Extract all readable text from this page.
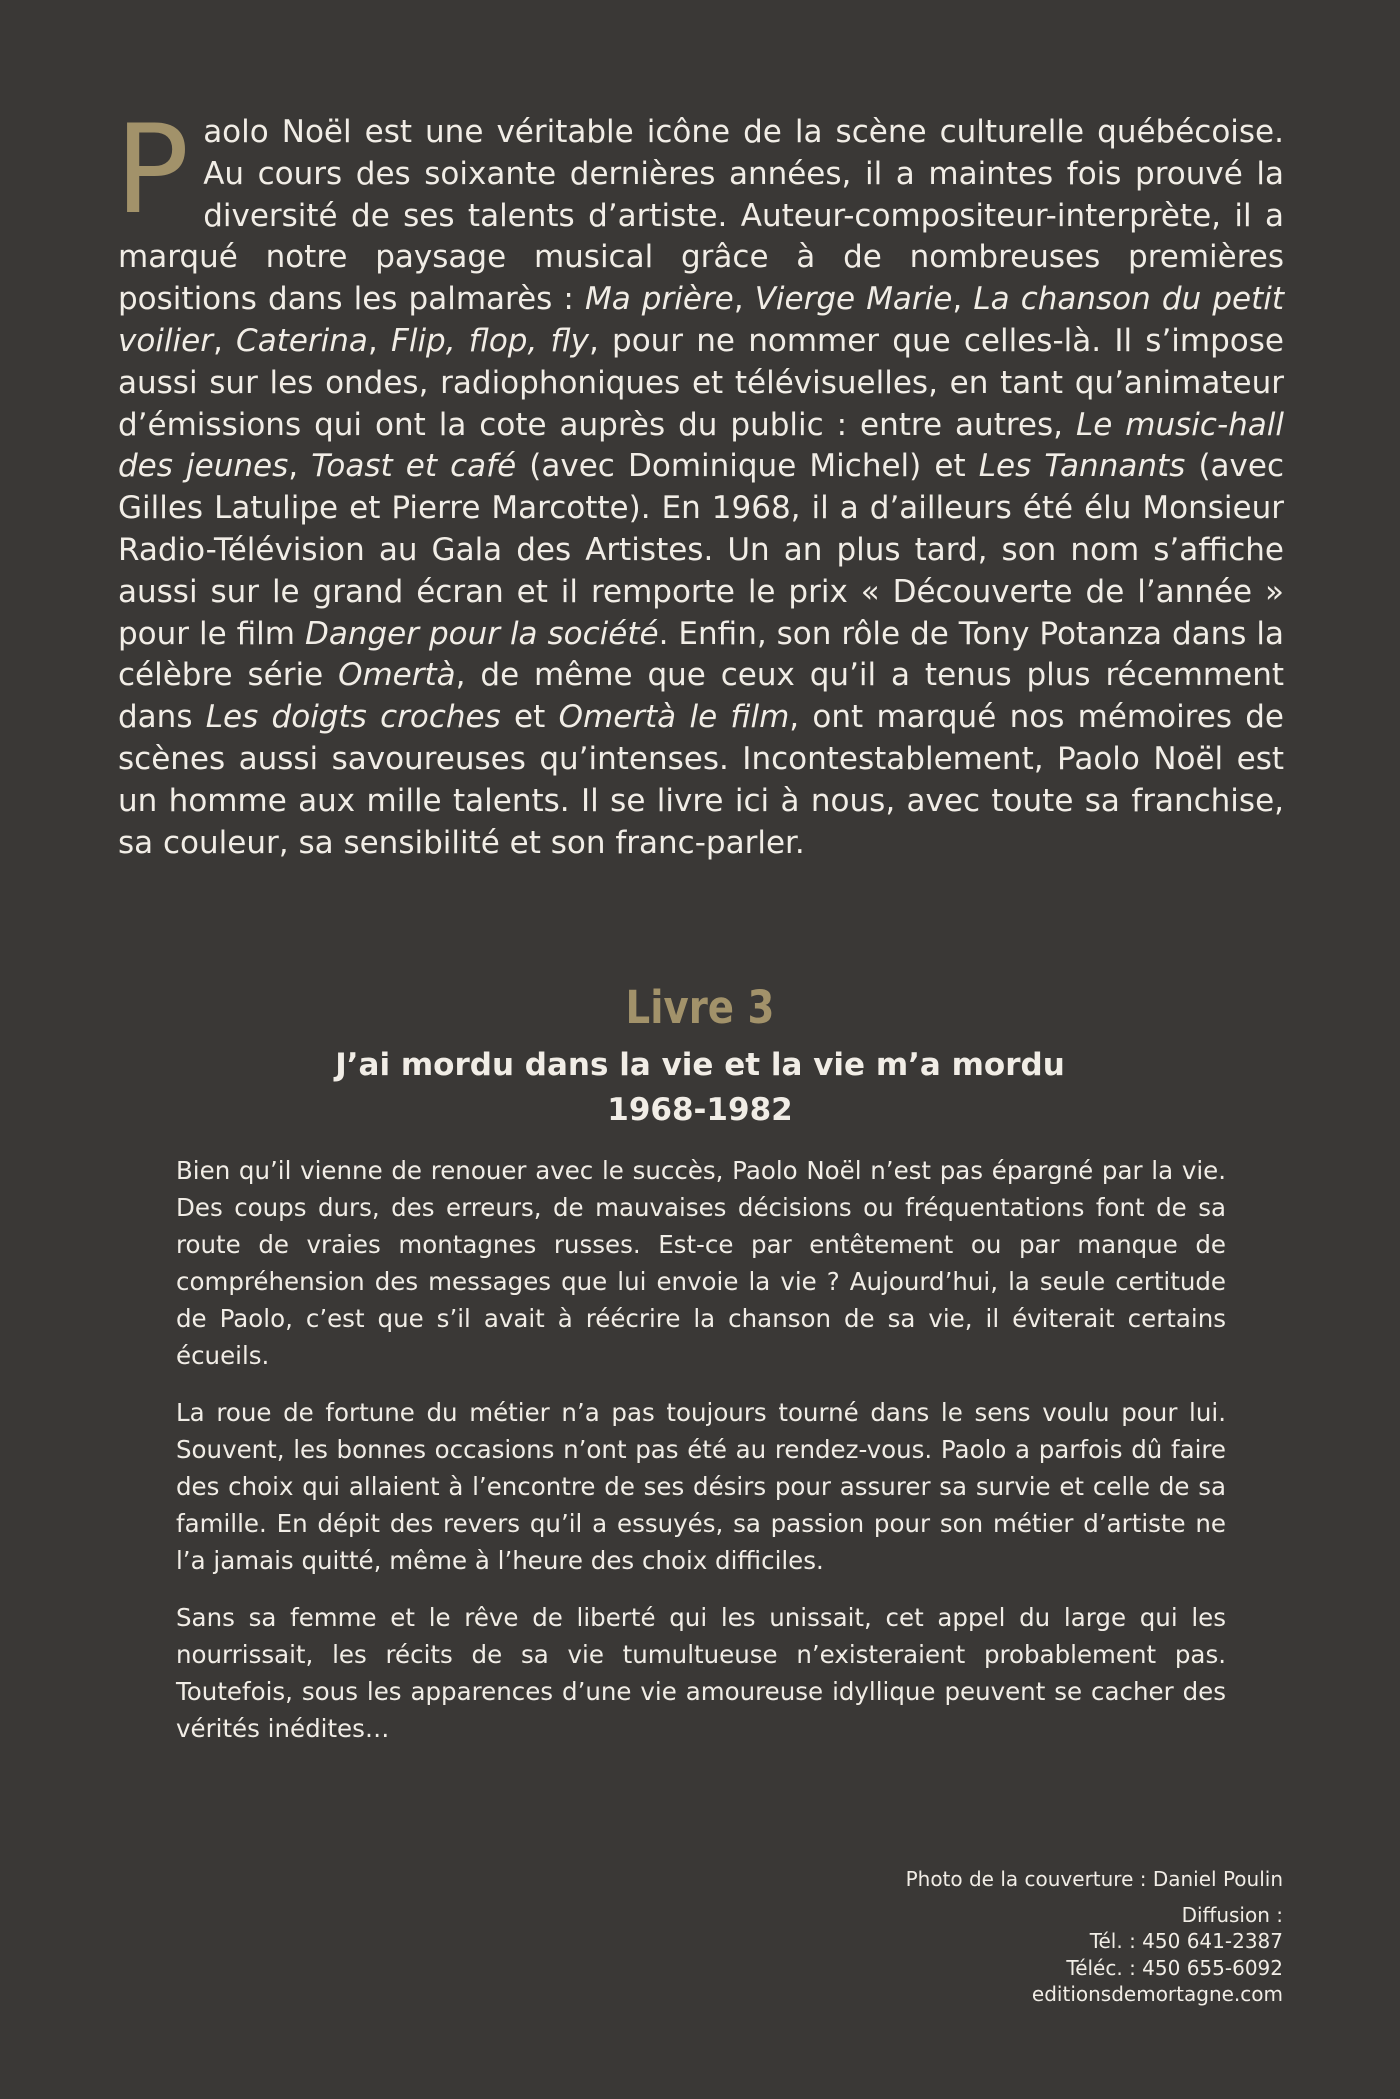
P aolo Noël est une véritable icône de la scène culturelle québécoise. Au cours des soixante dernières années, il a maintes fois prouvé la diversité de ses talents d’artiste. Auteur-compositeur-interprète, il a marqué notre paysage musical grâce à de nombreuses premières positions dans les palmarès : Ma prière, Vierge Marie, La chanson du petit voilier, Caterina, Flip, flop, fly, pour ne nommer que celles-là. Il s’impose aussi sur les ondes, radiophoniques et télévisuelles, en tant qu’animateur d’émissions qui ont la cote auprès du public : entre autres, Le music-hall des jeunes, Toast et café (avec Dominique Michel) et Les Tannants (avec Gilles Latulipe et Pierre Marcotte). En 1968, il a d’ailleurs été élu Monsieur Radio-Télévision au Gala des Artistes. Un an plus tard, son nom s’affiche aussi sur le grand écran et il remporte le prix « Découverte de l’année » pour le film Danger pour la société. Enfin, son rôle de Tony Potanza dans la célèbre série Omertà, de même que ceux qu’il a tenus plus récemment dans Les doigts croches et Omertà le film, ont marqué nos mémoires de scènes aussi savoureuses qu’intenses. Incontestablement, Paolo Noël est un homme aux mille talents. Il se livre ici à nous, avec toute sa franchise, sa couleur, sa sensibilité et son franc-parler.
Livre 3
J’ai mordu dans la vie et la vie m’a mordu
1968-1982

Bien qu’il vienne de renouer avec le succès, Paolo Noël n’est pas épargné par la vie. Des coups durs, des erreurs, de mauvaises décisions ou fréquentations font de sa route de vraies montagnes russes. Est-ce par entêtement ou par manque de compréhension des messages que lui envoie la vie ? Aujourd’hui, la seule certitude de Paolo, c’est que s’il avait à réécrire la chanson de sa vie, il éviterait certains écueils.

La roue de fortune du métier n’a pas toujours tourné dans le sens voulu pour lui. Souvent, les bonnes occasions n’ont pas été au rendez-vous. Paolo a parfois dû faire des choix qui allaient à l’encontre de ses désirs pour assurer sa survie et celle de sa famille. En dépit des revers qu’il a essuyés, sa passion pour son métier d’artiste ne l’a jamais quitté, même à l’heure des choix difficiles.

Sans sa femme et le rêve de liberté qui les unissait, cet appel du large qui les nourrissait, les récits de sa vie tumultueuse n’existeraient probablement pas. Toutefois, sous les apparences d’une vie amoureuse idyllique peuvent se cacher des vérités inédites…

Photo de la couverture : Daniel Poulin
Diffusion :
Tél. : 450 641-2387
Téléc. : 450 655-6092
editionsdemortagne.com
